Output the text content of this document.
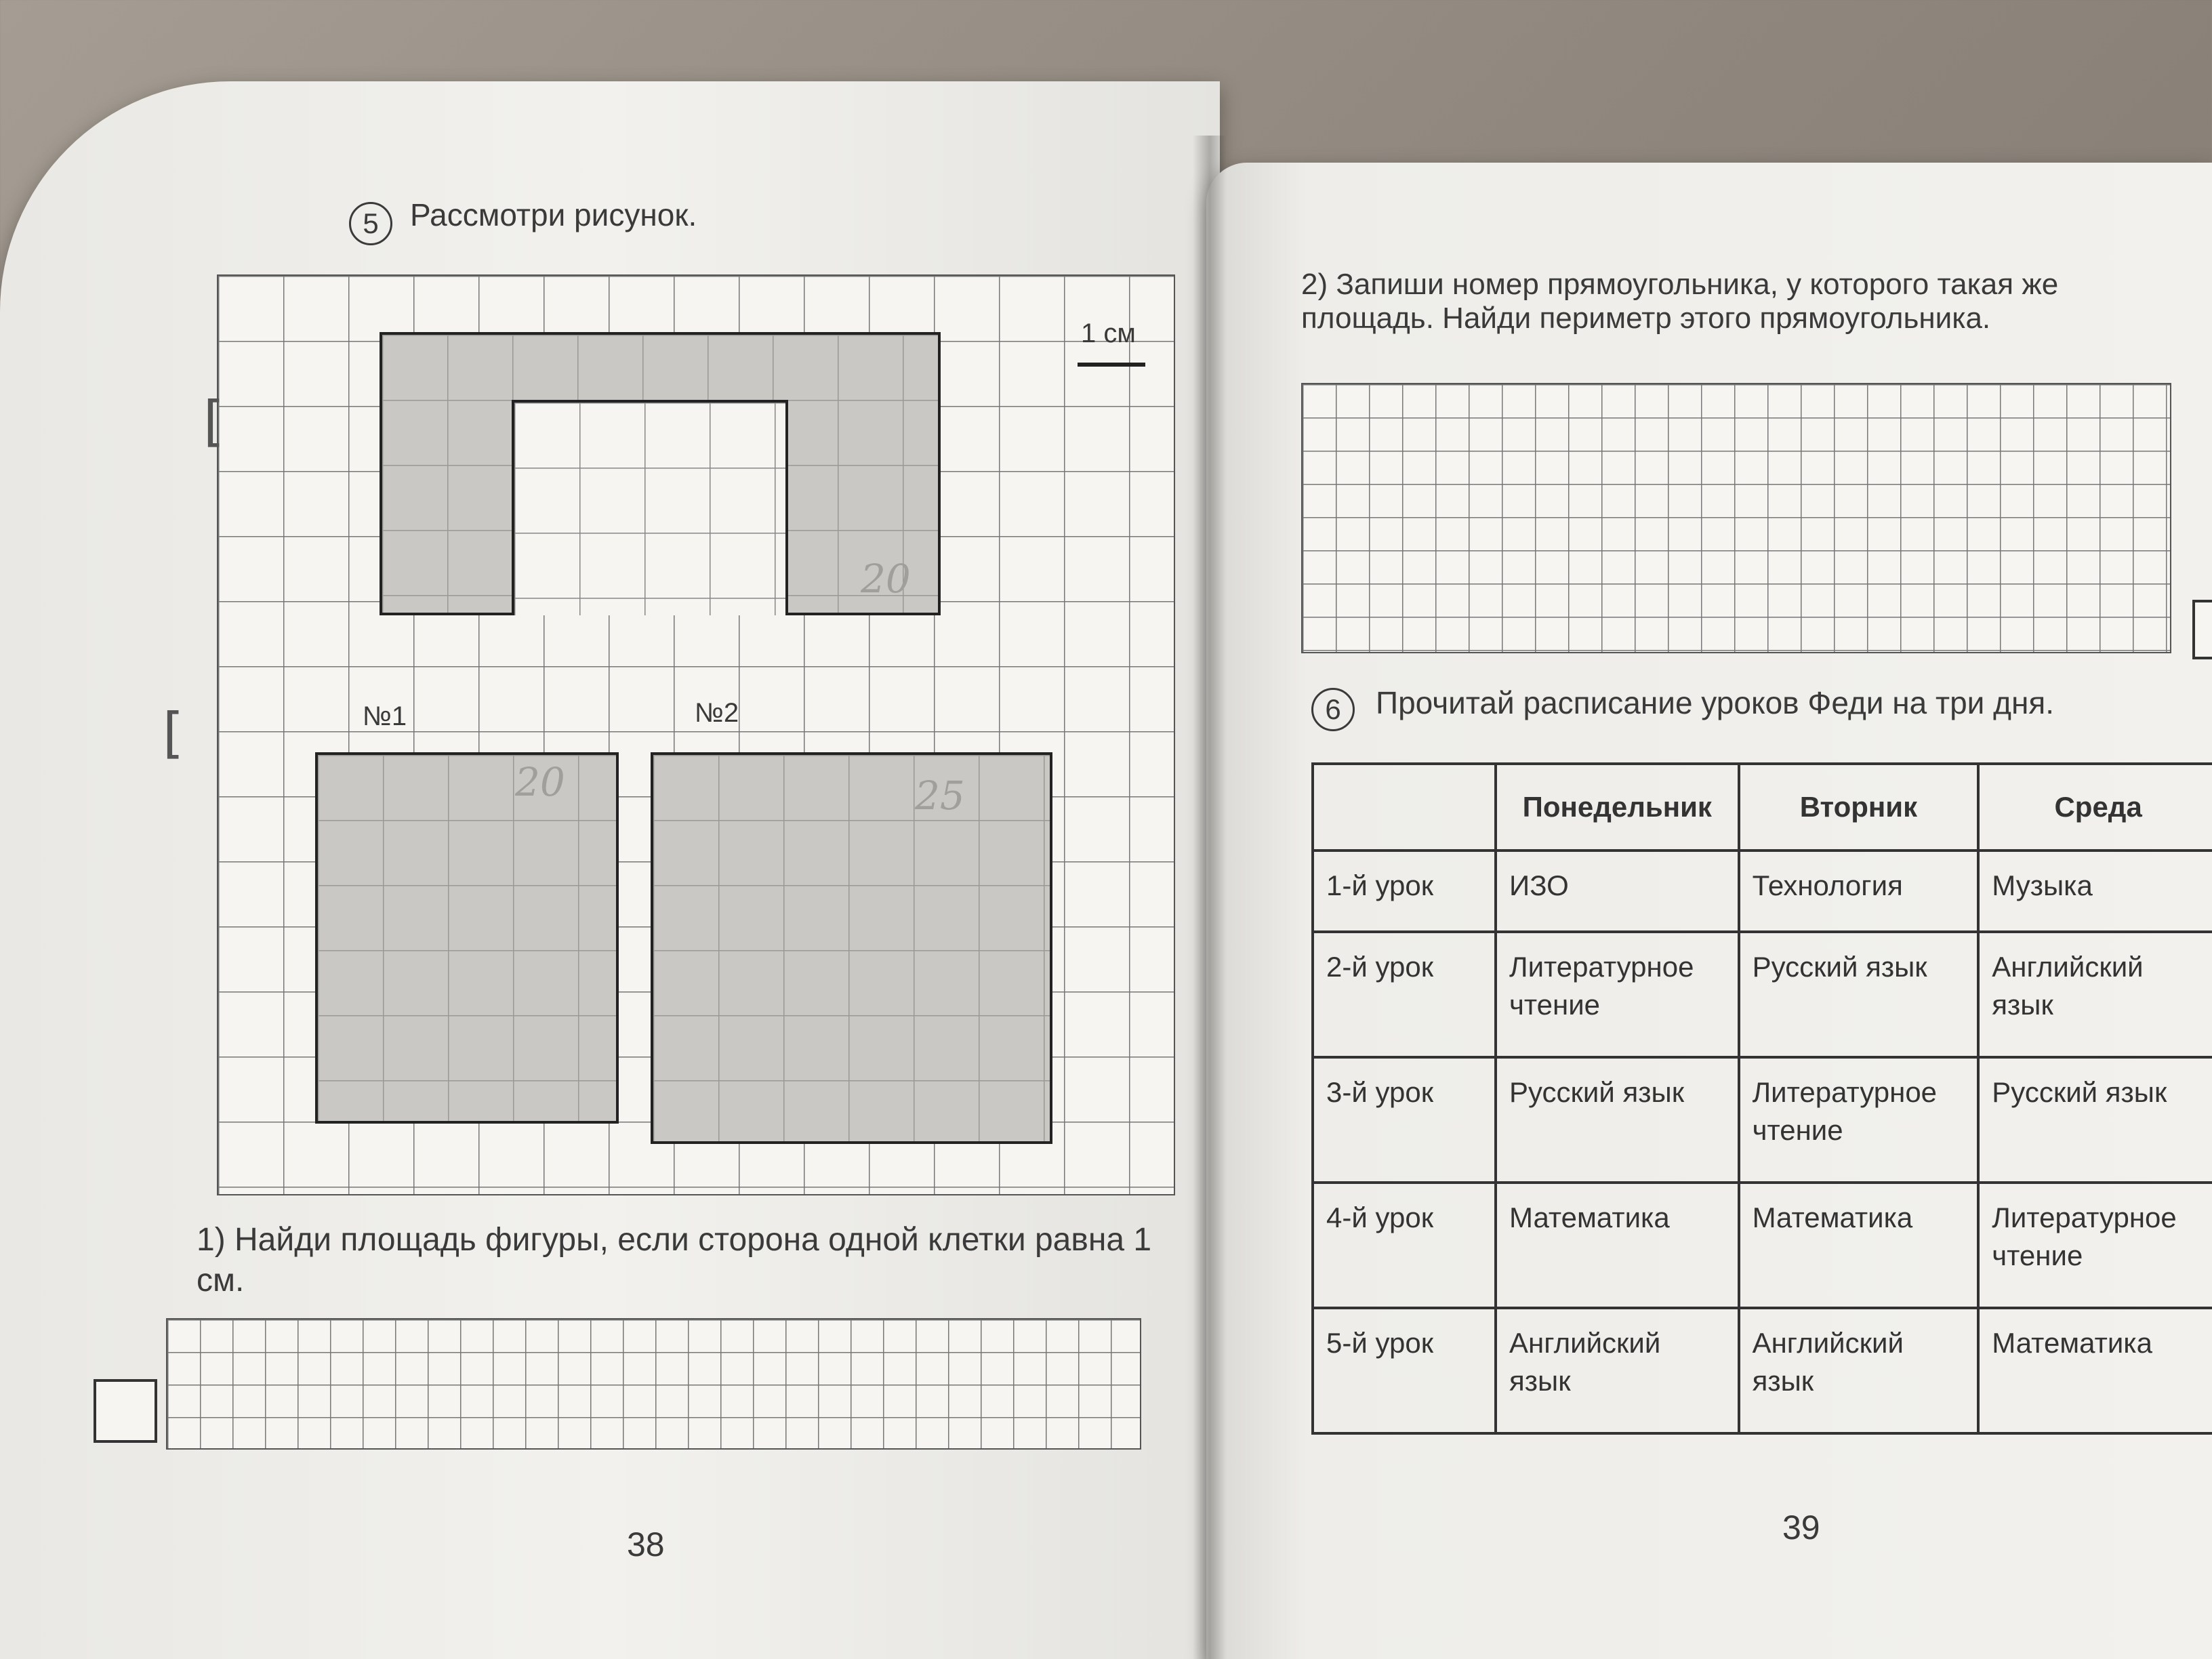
5	Рассмотри рисунок.
1 см
№1	№2
20
20	25
1) Найди площадь фигуры, если сторона одной клетки равна 1 см.
[
[
38
2) Запиши номер прямоугольника, у которого такая же площадь. Найди периметр этого прямоугольника.
6	Прочитай расписание уроков Феди на три дня.
	Понедельник	Вторник	Среда
1-й урок	ИЗО	Технология	Музыка
2-й урок	Литературное чтение	Русский язык	Английский язык
3-й урок	Русский язык	Литературное чтение	Русский язык
4-й урок	Математика	Математика	Литературное чтение
5-й урок	Английский язык	Английский язык	Математика
39
